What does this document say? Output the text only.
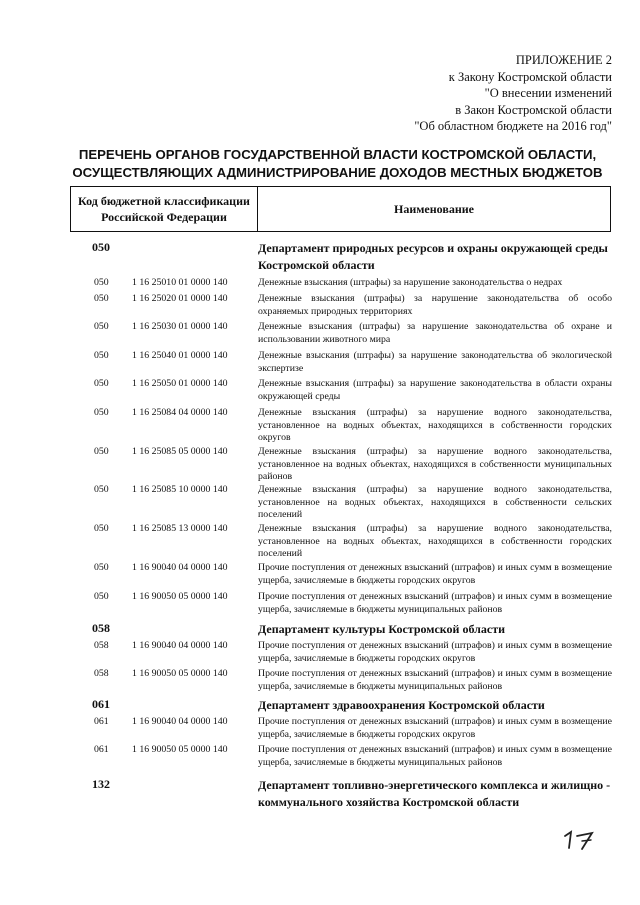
ПРИЛОЖЕНИЕ 2
к Закону Костромской области
"О внесении изменений
в Закон Костромской области
"Об областном бюджете на 2016 год"
ПЕРЕЧЕНЬ ОРГАНОВ ГОСУДАРСТВЕННОЙ ВЛАСТИ КОСТРОМСКОЙ ОБЛАСТИ,
ОСУЩЕСТВЛЯЮЩИХ АДМИНИСТРИРОВАНИЕ ДОХОДОВ МЕСТНЫХ БЮДЖЕТОВ
Код бюджетной классификации Российской Федерации
Наименование
050	Департамент природных ресурсов и охраны окружающей среды Костромской области
050 1 16 25010 01 0000 140	Денежные взыскания (штрафы) за нарушение законодательства о недрах
050 1 16 25020 01 0000 140	Денежные взыскания (штрафы) за нарушение законодательства об особо охраняемых природных территориях
050 1 16 25030 01 0000 140	Денежные взыскания (штрафы) за нарушение законодательства об охране и использовании животного мира
050 1 16 25040 01 0000 140	Денежные взыскания (штрафы) за нарушение законодательства об экологической экспертизе
050 1 16 25050 01 0000 140	Денежные взыскания (штрафы) за нарушение законодательства в области охраны окружающей среды
050 1 16 25084 04 0000 140	Денежные взыскания (штрафы) за нарушение водного законодательства, установленное на водных объектах, находящихся в собственности городских округов
050 1 16 25085 05 0000 140	Денежные взыскания (штрафы) за нарушение водного законодательства, установленное на водных объектах, находящихся в собственности муниципальных районов
050 1 16 25085 10 0000 140	Денежные взыскания (штрафы) за нарушение водного законодательства, установленное на водных объектах, находящихся в собственности сельских поселений
050 1 16 25085 13 0000 140	Денежные взыскания (штрафы) за нарушение водного законодательства, установленное на водных объектах, находящихся в собственности городских поселений
050 1 16 90040 04 0000 140	Прочие поступления от денежных взысканий (штрафов) и иных сумм в возмещение ущерба, зачисляемые в бюджеты городских округов
050 1 16 90050 05 0000 140	Прочие поступления от денежных взысканий (штрафов) и иных сумм в возмещение ущерба, зачисляемые в бюджеты муниципальных районов
058	Департамент культуры Костромской области
058 1 16 90040 04 0000 140	Прочие поступления от денежных взысканий (штрафов) и иных сумм в возмещение ущерба, зачисляемые в бюджеты городских округов
058 1 16 90050 05 0000 140	Прочие поступления от денежных взысканий (штрафов) и иных сумм в возмещение ущерба, зачисляемые в бюджеты муниципальных районов
061	Департамент здравоохранения Костромской области
061 1 16 90040 04 0000 140	Прочие поступления от денежных взысканий (штрафов) и иных сумм в возмещение ущерба, зачисляемые в бюджеты городских округов
061 1 16 90050 05 0000 140	Прочие поступления от денежных взысканий (штрафов) и иных сумм в возмещение ущерба, зачисляемые в бюджеты муниципальных районов
132	Департамент топливно-энергетического комплекса и жилищно - коммунального хозяйства Костромской области
